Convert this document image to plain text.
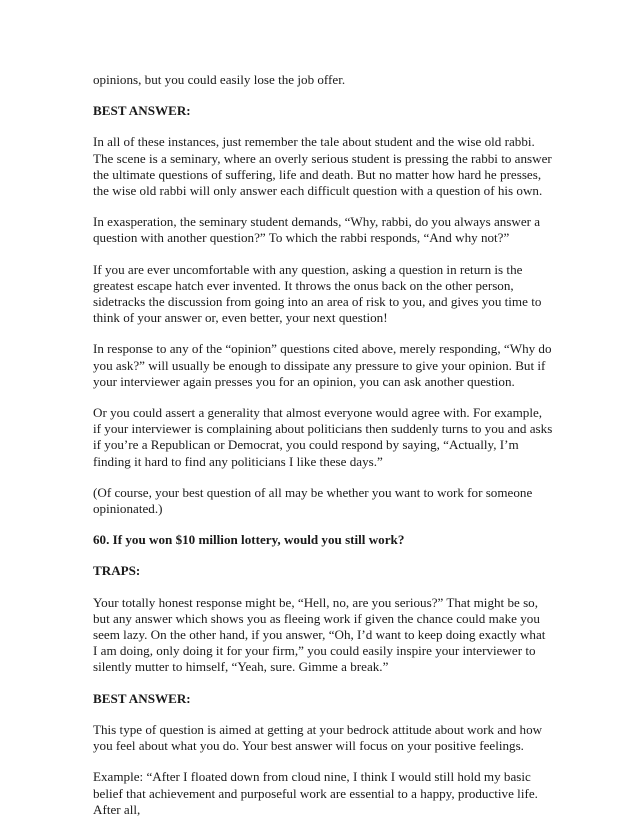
opinions, but you could easily lose the job offer.

BEST ANSWER:

In all of these instances, just remember the tale about student and the wise old rabbi. The scene is a seminary, where an overly serious student is pressing the rabbi to answer the ultimate questions of suffering, life and death. But no matter how hard he presses, the wise old rabbi will only answer each difficult question with a question of his own.

In exasperation, the seminary student demands, “Why, rabbi, do you always answer a question with another question?” To which the rabbi responds, “And why not?”

If you are ever uncomfortable with any question, asking a question in return is the greatest escape hatch ever invented. It throws the onus back on the other person, sidetracks the discussion from going into an area of risk to you, and gives you time to think of your answer or, even better, your next question!

In response to any of the “opinion” questions cited above, merely responding, “Why do you ask?” will usually be enough to dissipate any pressure to give your opinion. But if your interviewer again presses you for an opinion, you can ask another question.

Or you could assert a generality that almost everyone would agree with. For example, if your interviewer is complaining about politicians then suddenly turns to you and asks if you’re a Republican or Democrat, you could respond by saying, “Actually, I’m finding it hard to find any politicians I like these days.”

(Of course, your best question of all may be whether you want to work for someone opinionated.)

60. If you won $10 million lottery, would you still work?

TRAPS:

Your totally honest response might be, “Hell, no, are you serious?” That might be so, but any answer which shows you as fleeing work if given the chance could make you seem lazy. On the other hand, if you answer, “Oh, I’d want to keep doing exactly what I am doing, only doing it for your firm,” you could easily inspire your interviewer to silently mutter to himself, “Yeah, sure. Gimme a break.”

BEST ANSWER:

This type of question is aimed at getting at your bedrock attitude about work and how you feel about what you do. Your best answer will focus on your positive feelings.

Example: “After I floated down from cloud nine, I think I would still hold my basic belief that achievement and purposeful work are essential to a happy, productive life. After all,
